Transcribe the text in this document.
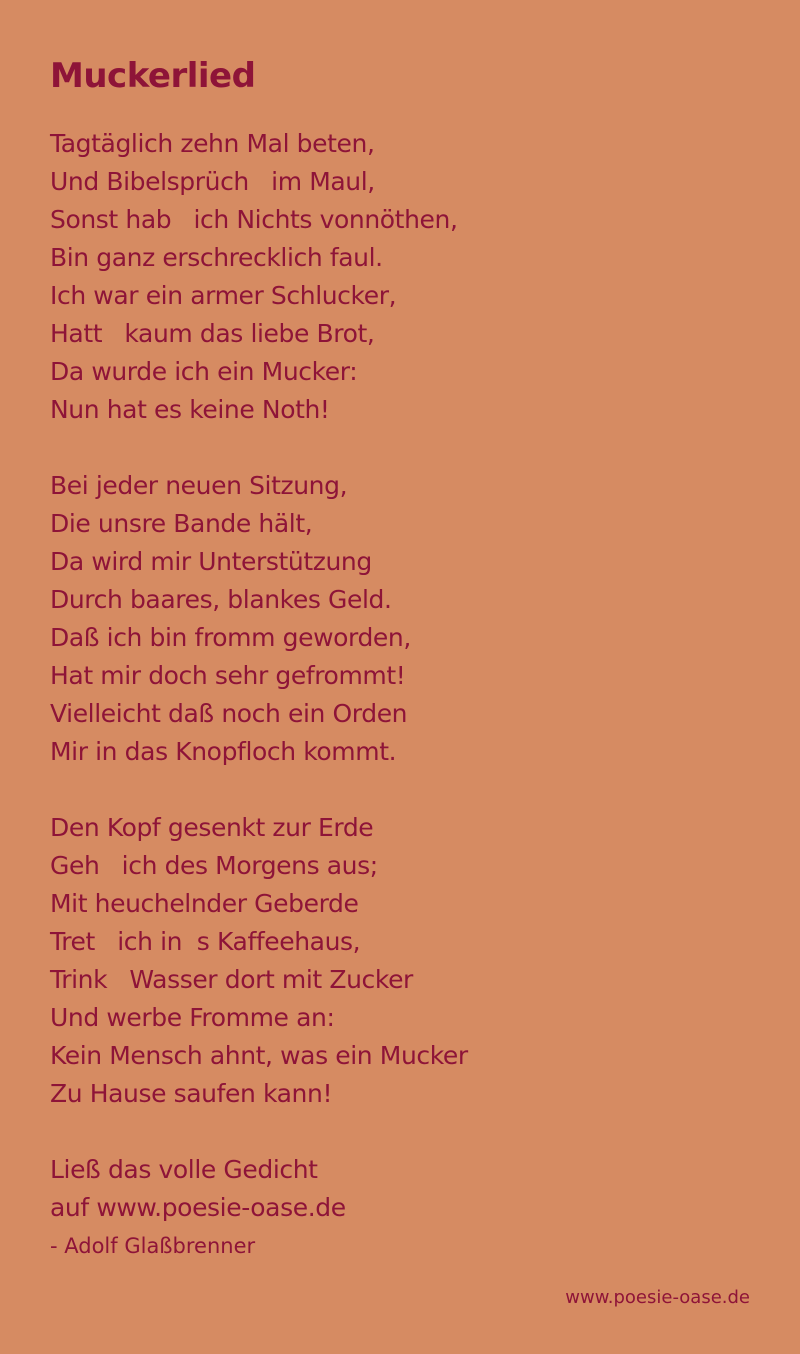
Muckerlied
Tagtäglich zehn Mal beten,
Und Bibelsprüch im Maul,
Sonst hab ich Nichts vonnöthen,
Bin ganz erschrecklich faul.
Ich war ein armer Schlucker,
Hatt kaum das liebe Brot,
Da wurde ich ein Mucker:
Nun hat es keine Noth!
Bei jeder neuen Sitzung,
Die unsre Bande hält,
Da wird mir Unterstützung
Durch baares, blankes Geld.
Daß ich bin fromm geworden,
Hat mir doch sehr gefrommt!
Vielleicht daß noch ein Orden
Mir in das Knopfloch kommt.
Den Kopf gesenkt zur Erde
Geh ich des Morgens aus;
Mit heuchelnder Geberde
Tret ich ins Kaffeehaus,
Trink Wasser dort mit Zucker
Und werbe Fromme an:
Kein Mensch ahnt, was ein Mucker
Zu Hause saufen kann!
Ließ das volle Gedicht
auf www.poesie-oase.de
- Adolf Glaßbrenner
www.poesie-oase.de
